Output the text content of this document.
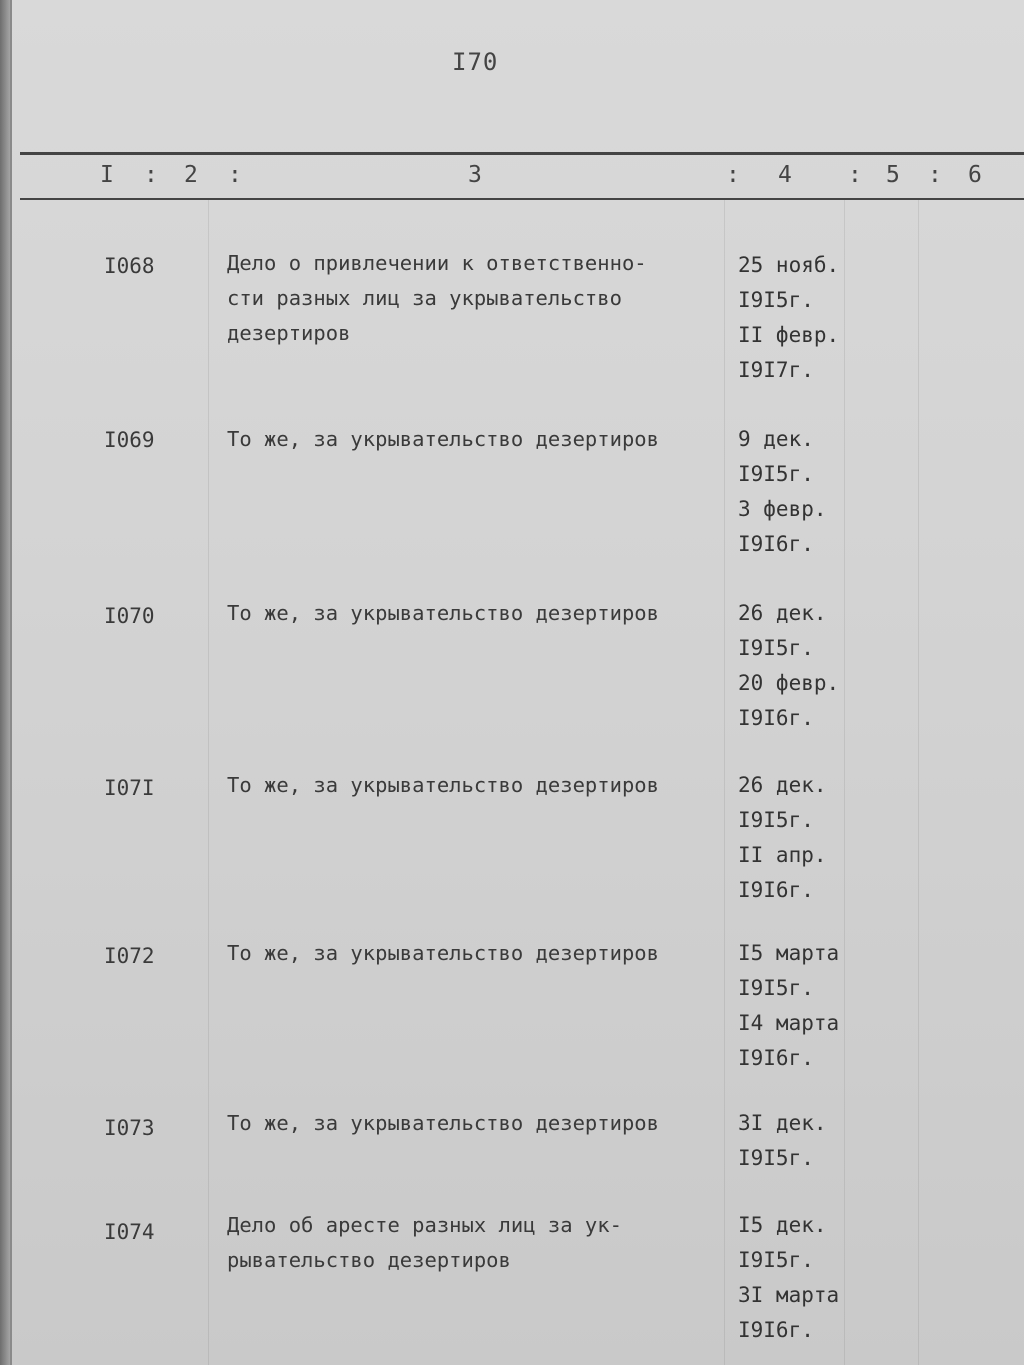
I70
I : 2 :	3	: 4 : 5 : 6
I068	Дело о привлечении к ответственно-
сти разных лиц за укрывательство
дезертиров
25 нояб.
I9I5г.
II февр.
I9I7г.
I069	То же, за укрывательство дезертиров	9 дек.
I9I5г.
3 февр.
I9I6г.
I070	То же, за укрывательство дезертиров	26 дек.
I9I5г.
20 февр.
I9I6г.
I07I	То же, за укрывательство дезертиров	26 дек.
I9I5г.
II апр.
I9I6г.
I072	То же, за укрывательство дезертиров	I5 марта
I9I5г.
I4 марта
I9I6г.
I073	То же, за укрывательство дезертиров	3I дек.
I9I5г.
I074	Дело об аресте разных лиц за ук-
рывательство дезертиров
I5 дек.
I9I5г.
3I марта
I9I6г.
